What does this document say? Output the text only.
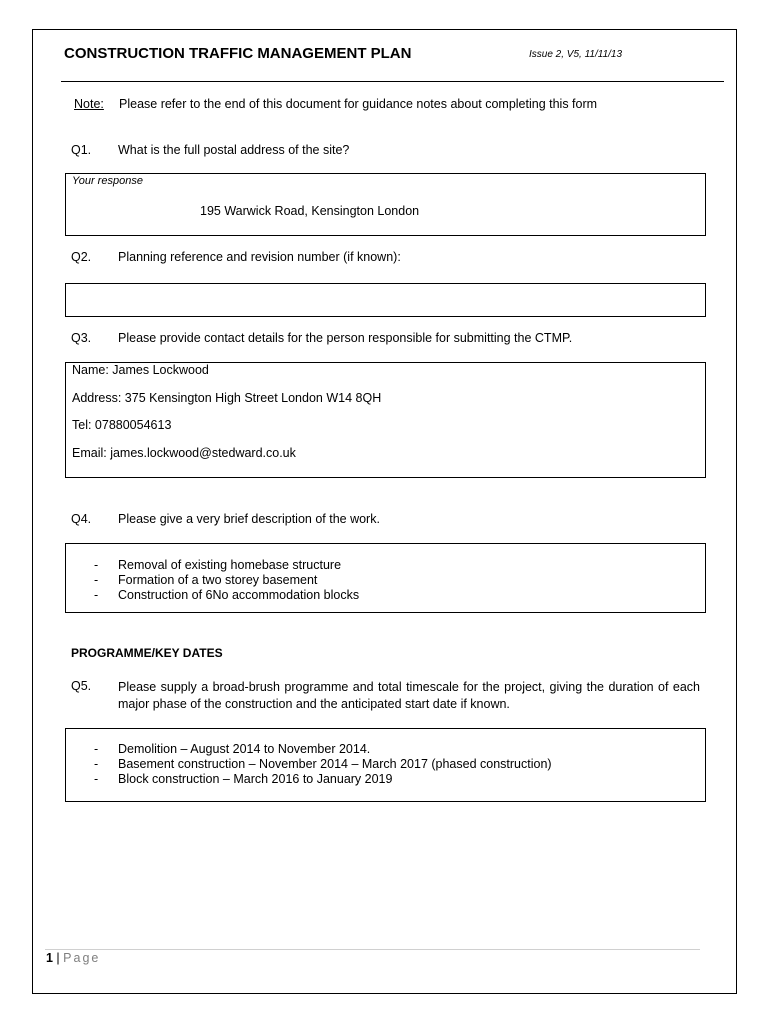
CONSTRUCTION TRAFFIC MANAGEMENT PLAN	Issue 2, V5, 11/11/13
Note: Please refer to the end of this document for guidance notes about completing this form
Q1. What is the full postal address of the site?
Your response
195 Warwick Road, Kensington London
Q2. Planning reference and revision number (if known):
Q3. Please provide contact details for the person responsible for submitting the CTMP.
Name: James Lockwood
Address: 375 Kensington High Street London W14 8QH
Tel: 07880054613
Email: james.lockwood@stedward.co.uk
Q4. Please give a very brief description of the work.
- Removal of existing homebase structure
- Formation of a two storey basement
- Construction of 6No accommodation blocks
PROGRAMME/KEY DATES
Q5. Please supply a broad-brush programme and total timescale for the project, giving the duration of each major phase of the construction and the anticipated start date if known.
- Demolition – August 2014 to November 2014.
- Basement construction – November 2014 – March 2017 (phased construction)
- Block construction – March 2016 to January 2019
1 | Page
